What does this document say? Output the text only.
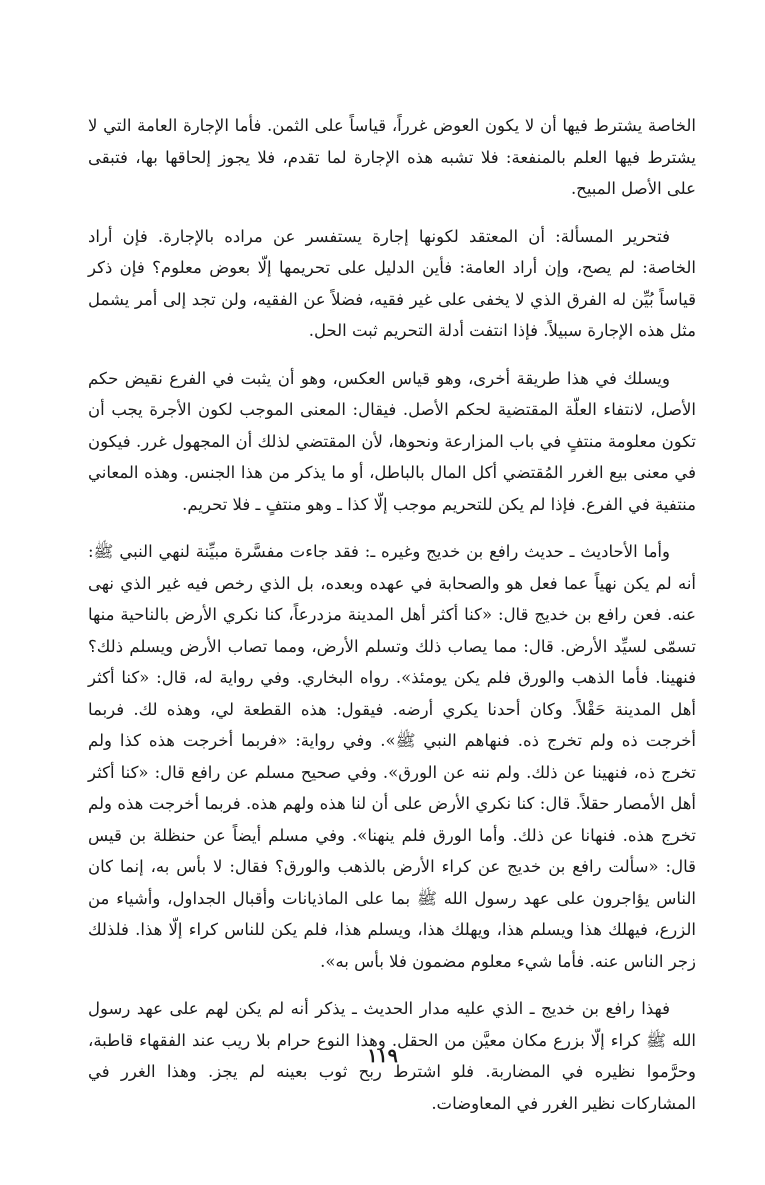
الخاصة يشترط فيها أن لا يكون العوض غرراً، قياساً على الثمن. فأما الإجارة العامة التي لا يشترط فيها العلم بالمنفعة: فلا تشبه هذه الإجارة لما تقدم، فلا يجوز إلحاقها بها، فتبقى على الأصل المبيح.

فتحرير المسألة: أن المعتقد لكونها إجارة يستفسر عن مراده بالإجارة. فإن أراد الخاصة: لم يصح، وإن أراد العامة: فأين الدليل على تحريمها إلّا بعوض معلوم؟ فإن ذكر قياساً بُيِّن له الفرق الذي لا يخفى على غير فقيه، فضلاً عن الفقيه، ولن تجد إلى أمر يشمل مثل هذه الإجارة سبيلاً. فإذا انتفت أدلة التحريم ثبت الحل.

ويسلك في هذا طريقة أخرى، وهو قياس العكس، وهو أن يثبت في الفرع نقيض حكم الأصل، لانتفاء العلّة المقتضية لحكم الأصل. فيقال: المعنى الموجب لكون الأجرة يجب أن تكون معلومة منتفٍ في باب المزارعة ونحوها، لأن المقتضي لذلك أن المجهول غرر. فيكون في معنى بيع الغرر المُقتضي أكل المال بالباطل، أو ما يذكر من هذا الجنس. وهذه المعاني منتفية في الفرع. فإذا لم يكن للتحريم موجب إلّا كذا ـ وهو منتفٍ ـ فلا تحريم.

وأما الأحاديث ـ حديث رافع بن خديج وغيره ـ: فقد جاءت مفسَّرة مبيِّنة لنهي النبي ﷺ: أنه لم يكن نهياً عما فعل هو والصحابة في عهده وبعده، بل الذي رخص فيه غير الذي نهى عنه. فعن رافع بن خديج قال: «كنا أكثر أهل المدينة مزدرعاً، كنا نكري الأرض بالناحية منها تسمّى لسيِّد الأرض. قال: مما يصاب ذلك وتسلم الأرض، ومما تصاب الأرض ويسلم ذلك؟ فنهينا. فأما الذهب والورق فلم يكن يومئذ». رواه البخاري. وفي رواية له، قال: «كنا أكثر أهل المدينة حَقْلاً. وكان أحدنا يكري أرضه. فيقول: هذه القطعة لي، وهذه لك. فربما أخرجت ذه ولم تخرج ذه. فنهاهم النبي ﷺ». وفي رواية: «فربما أخرجت هذه كذا ولم تخرج ذه، فنهينا عن ذلك. ولم ننه عن الورق». وفي صحيح مسلم عن رافع قال: «كنا أكثر أهل الأمصار حقلاً. قال: كنا نكري الأرض على أن لنا هذه ولهم هذه. فربما أخرجت هذه ولم تخرج هذه. فنهانا عن ذلك. وأما الورق فلم ينهنا». وفي مسلم أيضاً عن حنظلة بن قيس قال: «سألت رافع بن خديج عن كراء الأرض بالذهب والورق؟ فقال: لا بأس به، إنما كان الناس يؤاجرون على عهد رسول الله ﷺ بما على الماذيانات وأقبال الجداول، وأشياء من الزرع، فيهلك هذا ويسلم هذا، ويهلك هذا، ويسلم هذا، فلم يكن للناس كراء إلّا هذا. فلذلك زجر الناس عنه. فأما شيء معلوم مضمون فلا بأس به».

فهذا رافع بن خديج ـ الذي عليه مدار الحديث ـ يذكر أنه لم يكن لهم على عهد رسول الله ﷺ كراء إلّا بزرع مكان معيَّن من الحقل. وهذا النوع حرام بلا ريب عند الفقهاء قاطبة، وحرَّموا نظيره في المضاربة. فلو اشترط ربح ثوب بعينه لم يجز. وهذا الغرر في المشاركات نظير الغرر في المعاوضات.

١١٩
